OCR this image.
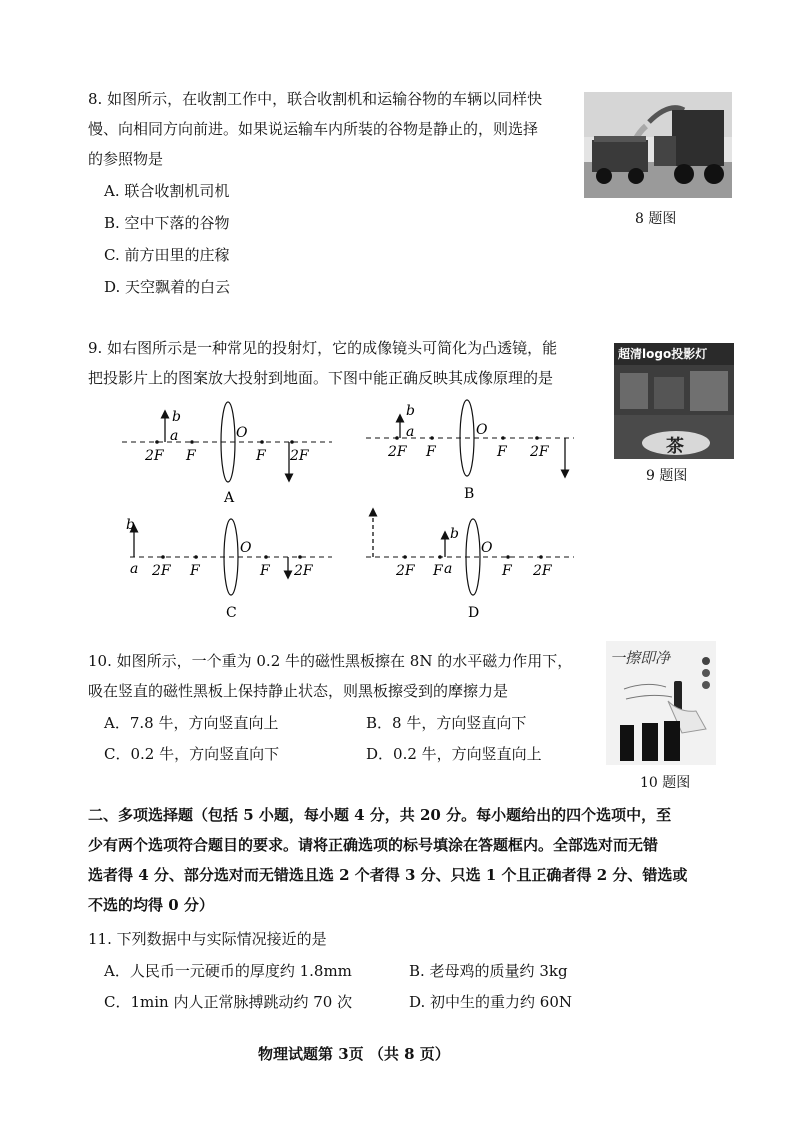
8. 如图所示，在收割工作中，联合收割机和运输谷物的车辆以同样快
慢、向相同方向前进。如果说运输车内所装的谷物是静止的，则选择
的参照物是
A. 联合收割机司机
B. 空中下落的谷物
C. 前方田里的庄稼
D. 天空飘着的白云
8 题图
9. 如右图所示是一种常见的投射灯，它的成像镜头可简化为凸透镜，能
把投影片上的图案放大投射到地面。下图中能正确反映其成像原理的是
超清logo投影灯
茶
9 题图
b
a	O
2F F	F 2F
A
b
a	O
2F F	F 2F
B
b
a
O
2F F	F 2F
C
b
a
O
2F F	F 2F
D
10. 如图所示，一个重为 0.2 牛的磁性黑板擦在 8N 的水平磁力作用下，
吸在竖直的磁性黑板上保持静止状态，则黑板擦受到的摩擦力是
A．7.8 牛，方向竖直向上	B．8 牛，方向竖直向下
C．0.2 牛，方向竖直向下	D．0.2 牛，方向竖直向上
一擦即净
10 题图
二、多项选择题（包括 5 小题，每小题 4 分，共 20 分。每小题给出的四个选项中，至
少有两个选项符合题目的要求。请将正确选项的标号填涂在答题框内。全部选对而无错
选者得 4 分、部分选对而无错选且选 2 个者得 3 分、只选 1 个且正确者得 2 分、错选或
不选的均得 0 分）
11. 下列数据中与实际情况接近的是
A．人民币一元硬币的厚度约 1.8mm	B. 老母鸡的质量约 3kg
C．1min 内人正常脉搏跳动约 70 次	D. 初中生的重力约 60N
物理试题第 3页 （共 8 页）
